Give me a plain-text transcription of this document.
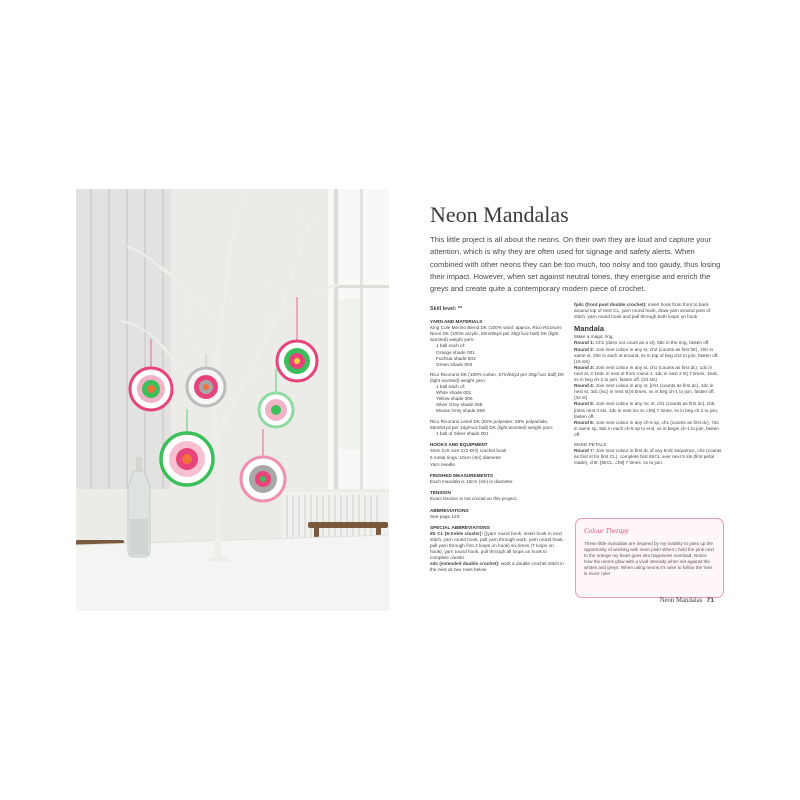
Neon Mandalas

This little project is all about the neons. On their own they are loud and capture your attention, which is why they are often used for signage and safety alerts. When combined with other neons they can be too much, too noisy and too gaudy, thus losing their impact. However, when set against neutral tones, they energise and enrich the greys and create quite a contemporary modern piece of crochet.

Skill level: **

YARN AND MATERIALS

King Cole Merino Blend DK (100% wool; approx. Rico Ricorumi Neon DK (100% acrylic, 60m/65yd per 25g/⅞oz ball) DK (light worsted) weight yarn:

1 ball each of:

Orange shade 001

Fuchsia shade 002

Green shade 003

Rico Ricorumi DK (100% cotton, 57m/62yd per 25g/⅞oz ball) DK (light worsted) weight yarn:

1 ball each of:

White shade 001

Yellow shade 006

Silver Grey shade 058

Mouse Grey shade 059

Rico Ricorumi Lamé DK (92% polyester, 28% polyamide, 50m/54yd per 10g/⅓oz ball) DK (light worsted) weight yarn:

1 ball of Silver shade 001

HOOKS AND EQUIPMENT

3mm (US size C/2-D/3) crochet hook

6 metal rings, 10cm (4in) diameter

Yarn needle

FINISHED MEASUREMENTS

Each mandala is 10cm (4in) in diameter.

TENSION

Exact tension is not crucial on this project.

ABBREVIATIONS

See page 123.

SPECIAL ABBREVIATIONS

6tr CL (6-treble cluster): [(yarn round hook, insert hook in next stitch, yarn round hook, pull yarn through work, yarn round hook, pull yarn through first 2 loops on hook) six times (7 loops on hook), yarn round hook, pull through all loops on hook to complete cluster.

edc (extended double crochet): work a double crochet stitch in the next dc two rows below

fpdc (front post double crochet): insert hook from front to back around top of next CL, yarn round hook, draw yarn around post of stitch, yarn round hook and pull through both loops on hook

Mandala

Make a magic ring.

Round 1: Ch1 (does not count as a st), 8dc in the ring, fasten off.

Round 2: Join next colour in any st, ch2 (counts as first htr), 1htr in same st, 2htr in each st around, ss in top of beg ch2 to join, fasten off. (16 sts)

Round 3: Join next colour in any st, ch1 (counts as first dc), 1dc in next st, 2 1edc in next st from round 1, 1dc in next 2 st] 7 times, 1edc, ss in beg ch-1 to join, fasten off. (24 sts)

Round 4: Join next colour in any st, [ch1 (counts as first dc), 1dc in next st, 3dc (inc) in next st] 8 times, ss in beg ch-1 to join, fasten off. (32 st)

Round 5: Join next colour in any inc st, ch1 (counts as first dc), ch5, [miss next 3 sts, 1dc in next inc st, ch5] 7 times, ss in beg ch 1 to join, fasten off.

Round 6: Join next colour in any ch-5 sp, ch1 (counts as first dc), 7dc in same sp, 8dc in each ch-5 sp to end, ss in begin ch-1 to join, fasten off.

MAKE PETALS:

Round 7: Join next colour in first dc of any 8-dc sequence, ch2 (counts as first st for first CL), complete first 6trCL over next 5 sts (first petal made), ch8, [6trCL, ch8] 7 times, ss to join.

Colour Therapy

These little mandalas are inspired by my inability to pass up the opportunity of working with neon pink! When I hold the pink next to the orange my heart goes into happiness overload. Notice how the neons glow with a vivid intensity when set against the whites and greys. When using neons it's wise to follow the 'less is more' rule!

Neon Mandalas 71
